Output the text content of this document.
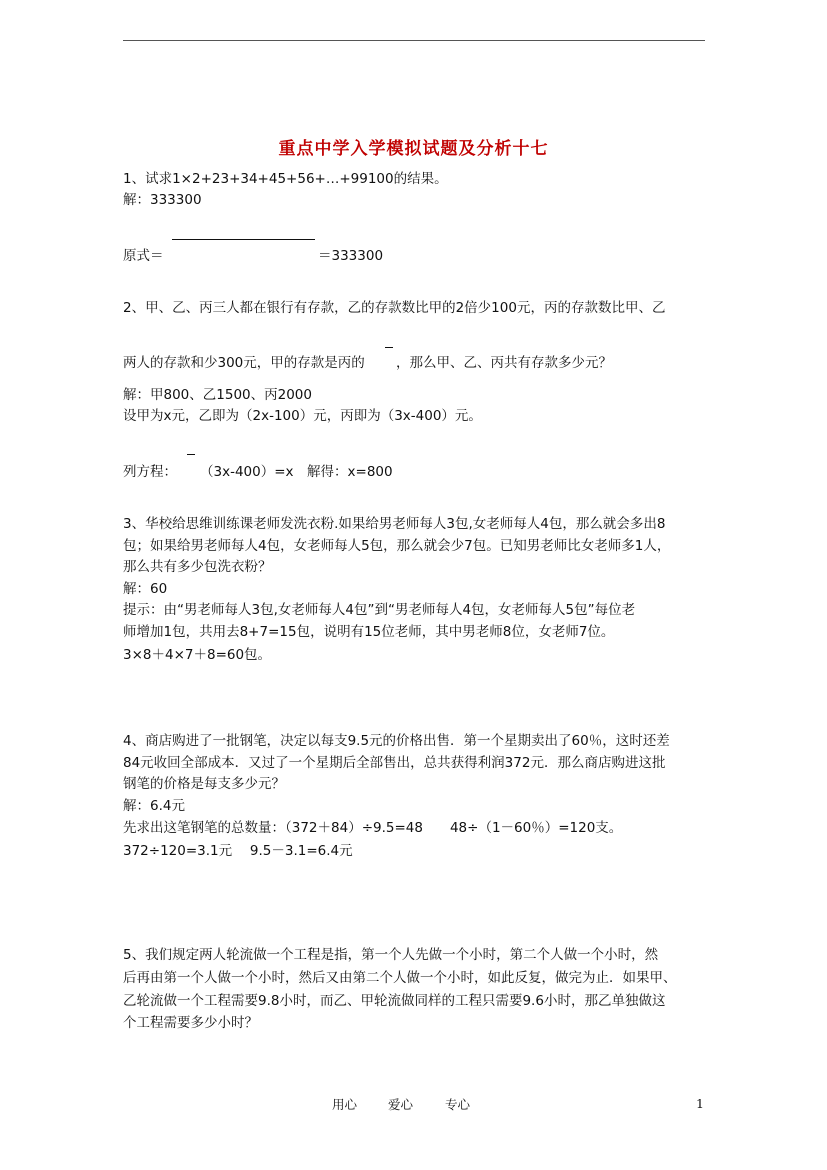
重点中学入学模拟试题及分析十七
1、试求1×2+23+34+45+56+…+99100的结果。
解：333300
原式＝	＝333300
2、甲、乙、丙三人都在银行有存款，乙的存款数比甲的2倍少100元，丙的存款数比甲、乙
两人的存款和少300元，甲的存款是丙的 ，那么甲、乙、丙共有存款多少元？
解：甲800、乙1500、丙2000
设甲为x元，乙即为（2x-100）元，丙即为（3x-400）元。
列方程： （3x-400）=x　解得：x=800
3、华校给思维训练课老师发洗衣粉.如果给男老师每人3包,女老师每人4包，那么就会多出8
包；如果给男老师每人4包，女老师每人5包，那么就会少7包。已知男老师比女老师多1人，
那么共有多少包洗衣粉？
解：60
提示：由“男老师每人3包,女老师每人4包”到“男老师每人4包，女老师每人5包”每位老
师增加1包，共用去8+7=15包，说明有15位老师，其中男老师8位，女老师7位。
3×8＋4×7＋8=60包。
4、商店购进了一批钢笔，决定以每支9.5元的价格出售．第一个星期卖出了60％，这时还差
84元收回全部成本．又过了一个星期后全部售出，总共获得利润372元．那么商店购进这批
钢笔的价格是每支多少元？
解：6.4元
先求出这笔钢笔的总数量：（372＋84）÷9.5=48　　48÷（1－60％）=120支。
372÷120=3.1元　 9.5－3.1=6.4元
5、我们规定两人轮流做一个工程是指，第一个人先做一个小时，第二个人做一个小时，然
后再由第一个人做一个小时，然后又由第二个人做一个小时，如此反复，做完为止．如果甲、
乙轮流做一个工程需要9.8小时，而乙、甲轮流做同样的工程只需要9.6小时，那乙单独做这
个工程需要多少小时？
用心 爱心	专心	1
